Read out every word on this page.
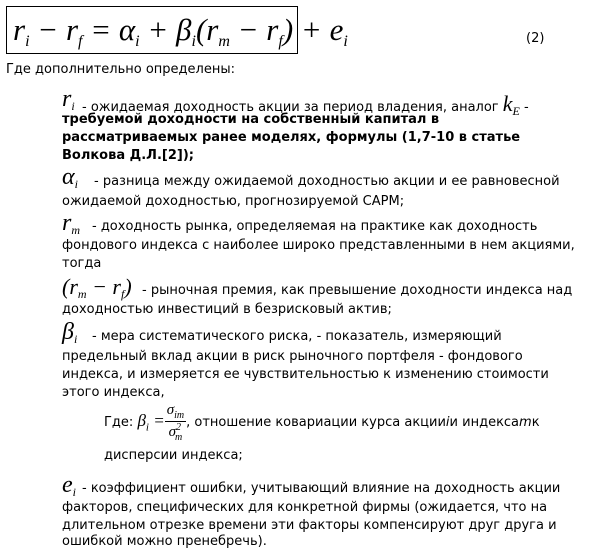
$r_i - r_f = \alpha_i + \beta_i(r_m - r_f) + e_i$	(2)
Где дополнительно определены:
$r_i$ - ожидаемая доходность акции за период владения, аналог $k_E$ -
требуемой доходности на собственный капитал в
рассматриваемых ранее моделях, формулы (1,7-10 в статье
Волкова Д.Л.[2]);
$\alpha_i$ - разница между ожидаемой доходностью акции и ее равновесной
ожидаемой доходностью, прогнозируемой CAPM;
$r_m$ - доходность рынка, определяемая на практике как доходность
фондового индекса с наиболее широко представленными в нем акциями,
тогда
$(r_m - r_f)$ - рыночная премия, как превышение доходности индекса над
доходностью инвестиций в безрисковый актив;
$\beta_i$ - мера систематического риска, - показатель, измеряющий
предельный вклад акции в риск рыночного портфеля - фондового
индекса, и измеряется ее чувствительностью к изменению стоимости
этого индекса,
Где:
$\beta_i = \frac{\sigma_{im}}{\sigma^2_m}$ , отношение ковариации курса акции i и индекса m к
дисперсии индекса;
$e_i$ - коэффициент ошибки, учитывающий влияние на доходность акции
факторов, специфических для конкретной фирмы (ожидается, что на
длительном отрезке времени эти факторы компенсируют друг друга и
ошибкой можно пренебречь).
